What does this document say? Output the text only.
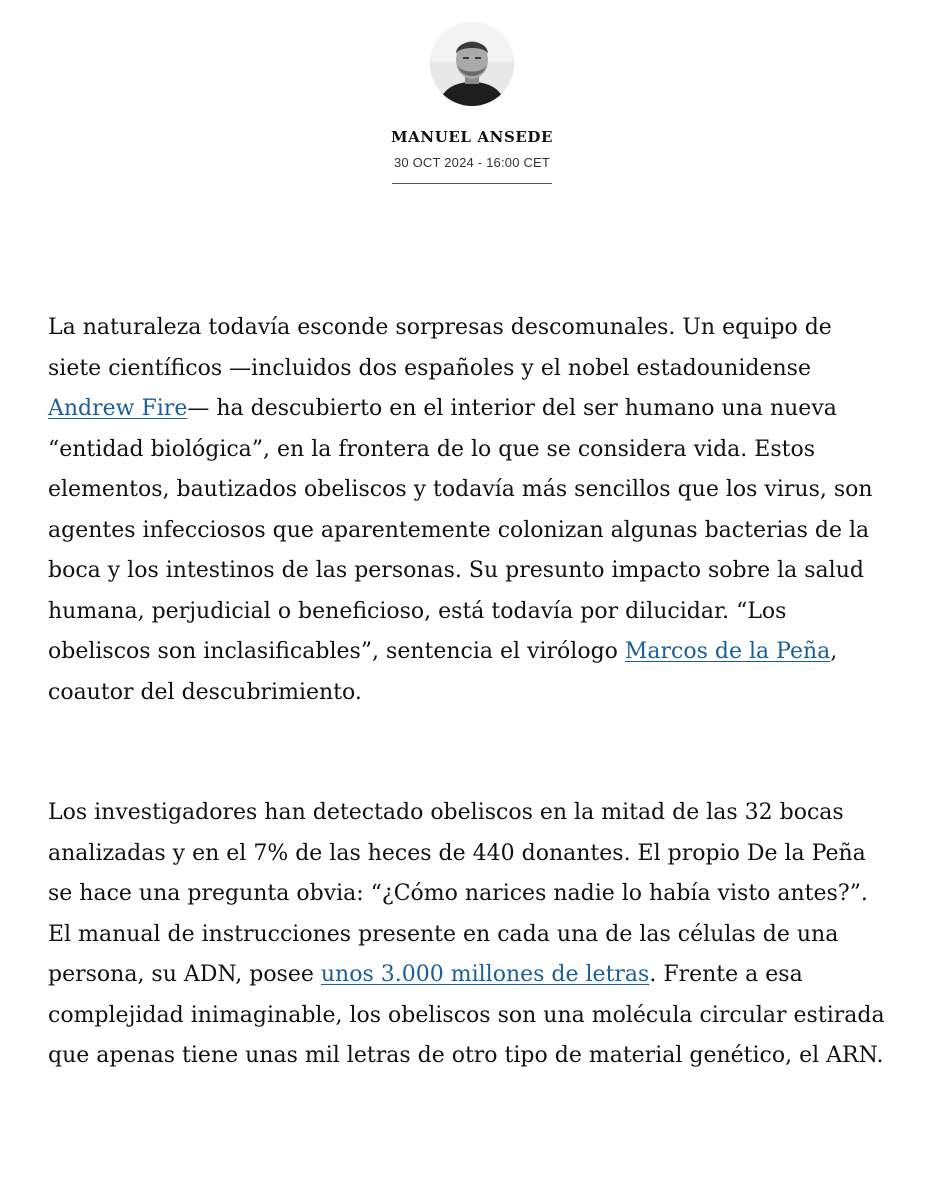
MANUEL ANSEDE
30 OCT 2024 - 16:00 CET

La naturaleza todavía esconde sorpresas descomunales. Un equipo de siete científicos —incluidos dos españoles y el nobel estadounidense Andrew Fire— ha descubierto en el interior del ser humano una nueva “entidad biológica”, en la frontera de lo que se considera vida. Estos elementos, bautizados obeliscos y todavía más sencillos que los virus, son agentes infecciosos que aparentemente colonizan algunas bacterias de la boca y los intestinos de las personas. Su presunto impacto sobre la salud humana, perjudicial o beneficioso, está todavía por dilucidar. “Los obeliscos son inclasificables”, sentencia el virólogo Marcos de la Peña, coautor del descubrimiento.

Los investigadores han detectado obeliscos en la mitad de las 32 bocas analizadas y en el 7% de las heces de 440 donantes. El propio De la Peña se hace una pregunta obvia: “¿Cómo narices nadie lo había visto antes?”. El manual de instrucciones presente en cada una de las células de una persona, su ADN, posee unos 3.000 millones de letras. Frente a esa complejidad inimaginable, los obeliscos son una molécula circular estirada que apenas tiene unas mil letras de otro tipo de material genético, el ARN.
